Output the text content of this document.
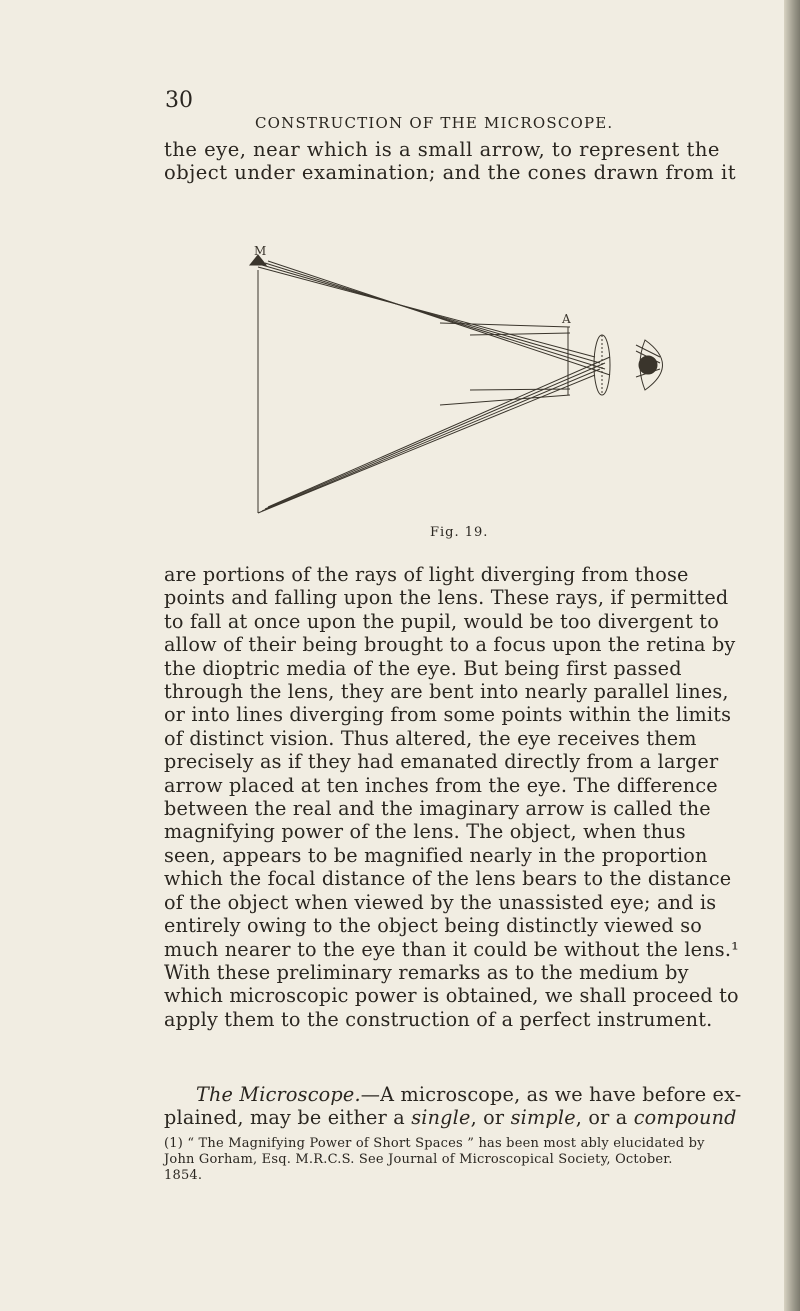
30
CONSTRUCTION OF THE MICROSCOPE.
the eye, near which is a small arrow, to represent the
object under examination; and the cones drawn from it
M
A
Fig. 19.
are portions of the rays of light diverging from those
points and falling upon the lens. These rays, if permitted
to fall at once upon the pupil, would be too divergent to
allow of their being brought to a focus upon the retina by
the dioptric media of the eye. But being first passed
through the lens, they are bent into nearly parallel lines,
or into lines diverging from some points within the limits
of distinct vision. Thus altered, the eye receives them
precisely as if they had emanated directly from a larger
arrow placed at ten inches from the eye. The difference
between the real and the imaginary arrow is called the
magnifying power of the lens. The object, when thus
seen, appears to be magnified nearly in the proportion
which the focal distance of the lens bears to the distance
of the object when viewed by the unassisted eye; and is
entirely owing to the object being distinctly viewed so
much nearer to the eye than it could be without the lens.¹
With these preliminary remarks as to the medium by
which microscopic power is obtained, we shall proceed to
apply them to the construction of a perfect instrument.
The Microscope.—A microscope, as we have before ex-
plained, may be either a single, or simple, or a compound
(1) “ The Magnifying Power of Short Spaces ” has been most ably elucidated by
John Gorham, Esq. M.R.C.S. See Journal of Microscopical Society, October.
1854.
